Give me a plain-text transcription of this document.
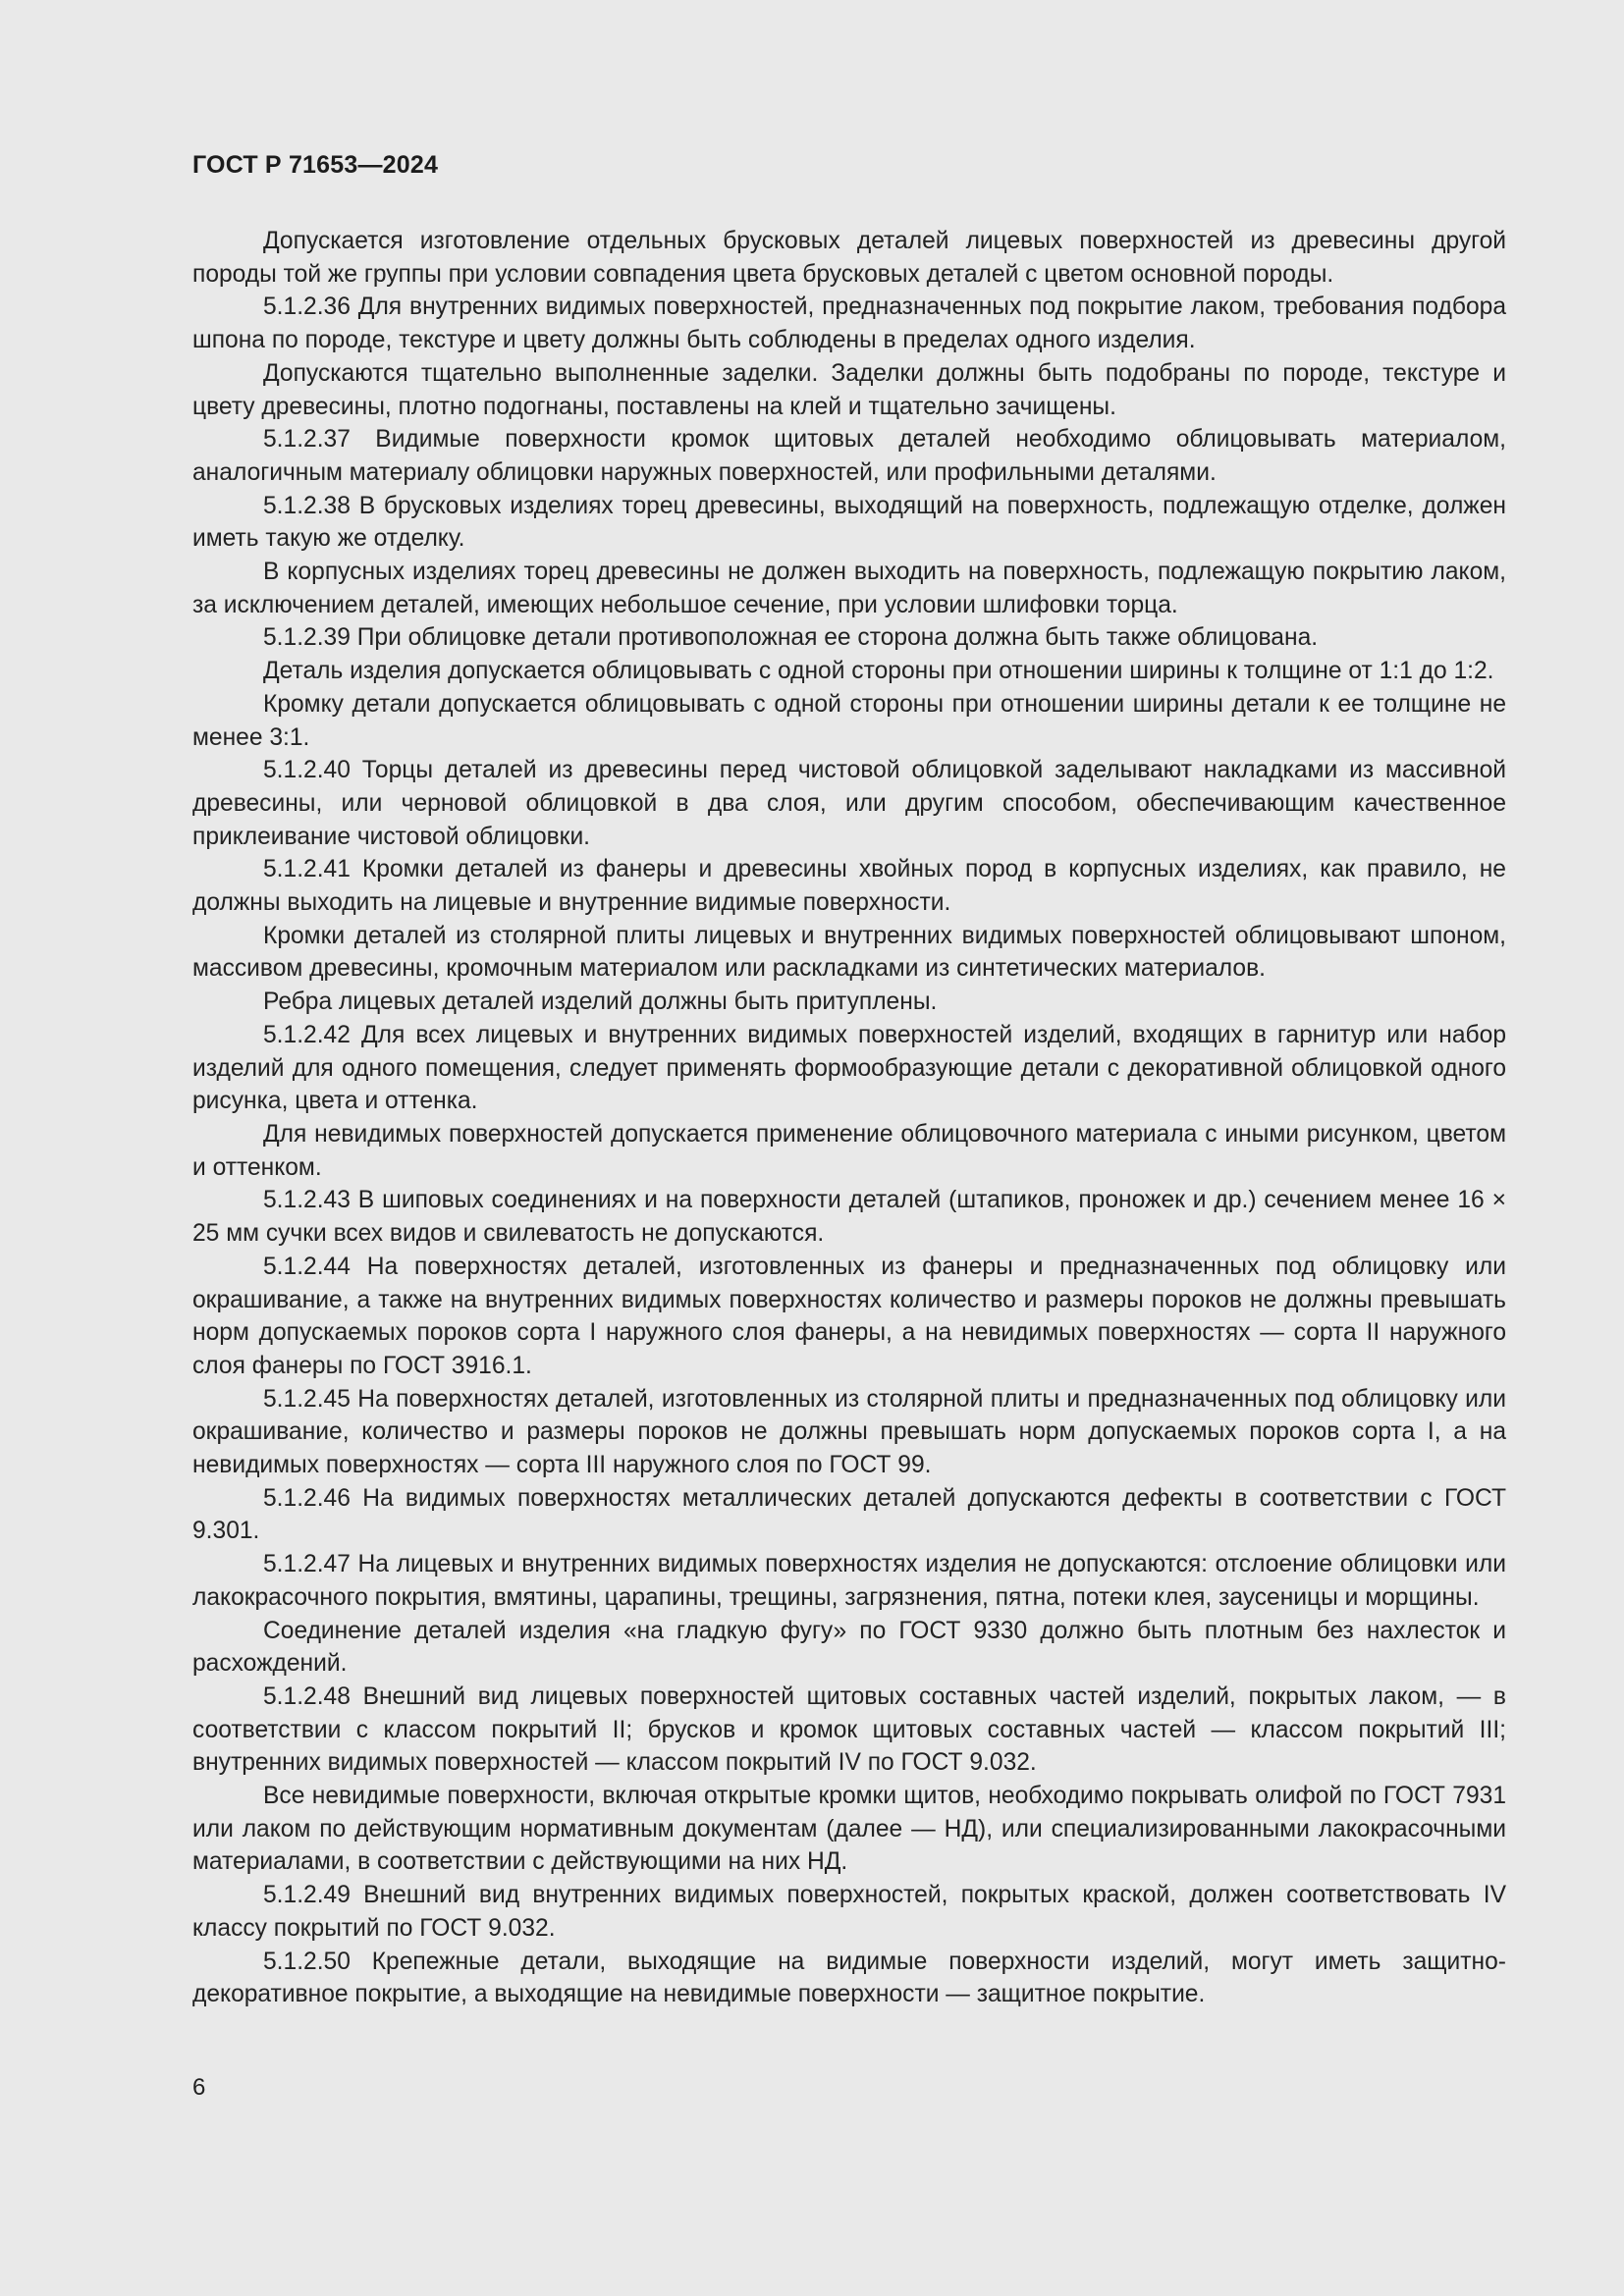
ГОСТ Р 71653—2024

Допускается изготовление отдельных брусковых деталей лицевых поверхностей из древесины другой породы той же группы при условии совпадения цвета брусковых деталей с цветом основной породы.

5.1.2.36 Для внутренних видимых поверхностей, предназначенных под покрытие лаком, требования подбора шпона по породе, текстуре и цвету должны быть соблюдены в пределах одного изделия.

Допускаются тщательно выполненные заделки. Заделки должны быть подобраны по породе, текстуре и цвету древесины, плотно подогнаны, поставлены на клей и тщательно зачищены.

5.1.2.37 Видимые поверхности кромок щитовых деталей необходимо облицовывать материалом, аналогичным материалу облицовки наружных поверхностей, или профильными деталями.

5.1.2.38 В брусковых изделиях торец древесины, выходящий на поверхность, подлежащую отделке, должен иметь такую же отделку.

В корпусных изделиях торец древесины не должен выходить на поверхность, подлежащую покрытию лаком, за исключением деталей, имеющих небольшое сечение, при условии шлифовки торца.

5.1.2.39 При облицовке детали противоположная ее сторона должна быть также облицована.

Деталь изделия допускается облицовывать с одной стороны при отношении ширины к толщине от 1:1 до 1:2.

Кромку детали допускается облицовывать с одной стороны при отношении ширины детали к ее толщине не менее 3:1.

5.1.2.40 Торцы деталей из древесины перед чистовой облицовкой заделывают накладками из массивной древесины, или черновой облицовкой в два слоя, или другим способом, обеспечивающим качественное приклеивание чистовой облицовки.

5.1.2.41 Кромки деталей из фанеры и древесины хвойных пород в корпусных изделиях, как правило, не должны выходить на лицевые и внутренние видимые поверхности.

Кромки деталей из столярной плиты лицевых и внутренних видимых поверхностей облицовывают шпоном, массивом древесины, кромочным материалом или раскладками из синтетических материалов.

Ребра лицевых деталей изделий должны быть притуплены.

5.1.2.42 Для всех лицевых и внутренних видимых поверхностей изделий, входящих в гарнитур или набор изделий для одного помещения, следует применять формообразующие детали с декоративной облицовкой одного рисунка, цвета и оттенка.

Для невидимых поверхностей допускается применение облицовочного материала с иными рисунком, цветом и оттенком.

5.1.2.43 В шиповых соединениях и на поверхности деталей (штапиков, проножек и др.) сечением менее 16 × 25 мм сучки всех видов и свилеватость не допускаются.

5.1.2.44 На поверхностях деталей, изготовленных из фанеры и предназначенных под облицовку или окрашивание, а также на внутренних видимых поверхностях количество и размеры пороков не должны превышать норм допускаемых пороков сорта I наружного слоя фанеры, а на невидимых поверхностях — сорта II наружного слоя фанеры по ГОСТ 3916.1.

5.1.2.45 На поверхностях деталей, изготовленных из столярной плиты и предназначенных под облицовку или окрашивание, количество и размеры пороков не должны превышать норм допускаемых пороков сорта I, а на невидимых поверхностях — сорта III наружного слоя по ГОСТ 99.

5.1.2.46 На видимых поверхностях металлических деталей допускаются дефекты в соответствии с ГОСТ 9.301.

5.1.2.47 На лицевых и внутренних видимых поверхностях изделия не допускаются: отслоение облицовки или лакокрасочного покрытия, вмятины, царапины, трещины, загрязнения, пятна, потеки клея, заусеницы и морщины.

Соединение деталей изделия «на гладкую фугу» по ГОСТ 9330 должно быть плотным без нахлесток и расхождений.

5.1.2.48 Внешний вид лицевых поверхностей щитовых составных частей изделий, покрытых лаком, — в соответствии с классом покрытий II; брусков и кромок щитовых составных частей — классом покрытий III; внутренних видимых поверхностей — классом покрытий IV по ГОСТ 9.032.

Все невидимые поверхности, включая открытые кромки щитов, необходимо покрывать олифой по ГОСТ 7931 или лаком по действующим нормативным документам (далее — НД), или специализированными лакокрасочными материалами, в соответствии с действующими на них НД.

5.1.2.49 Внешний вид внутренних видимых поверхностей, покрытых краской, должен соответствовать IV классу покрытий по ГОСТ 9.032.

5.1.2.50 Крепежные детали, выходящие на видимые поверхности изделий, могут иметь защитно-декоративное покрытие, а выходящие на невидимые поверхности — защитное покрытие.

6
